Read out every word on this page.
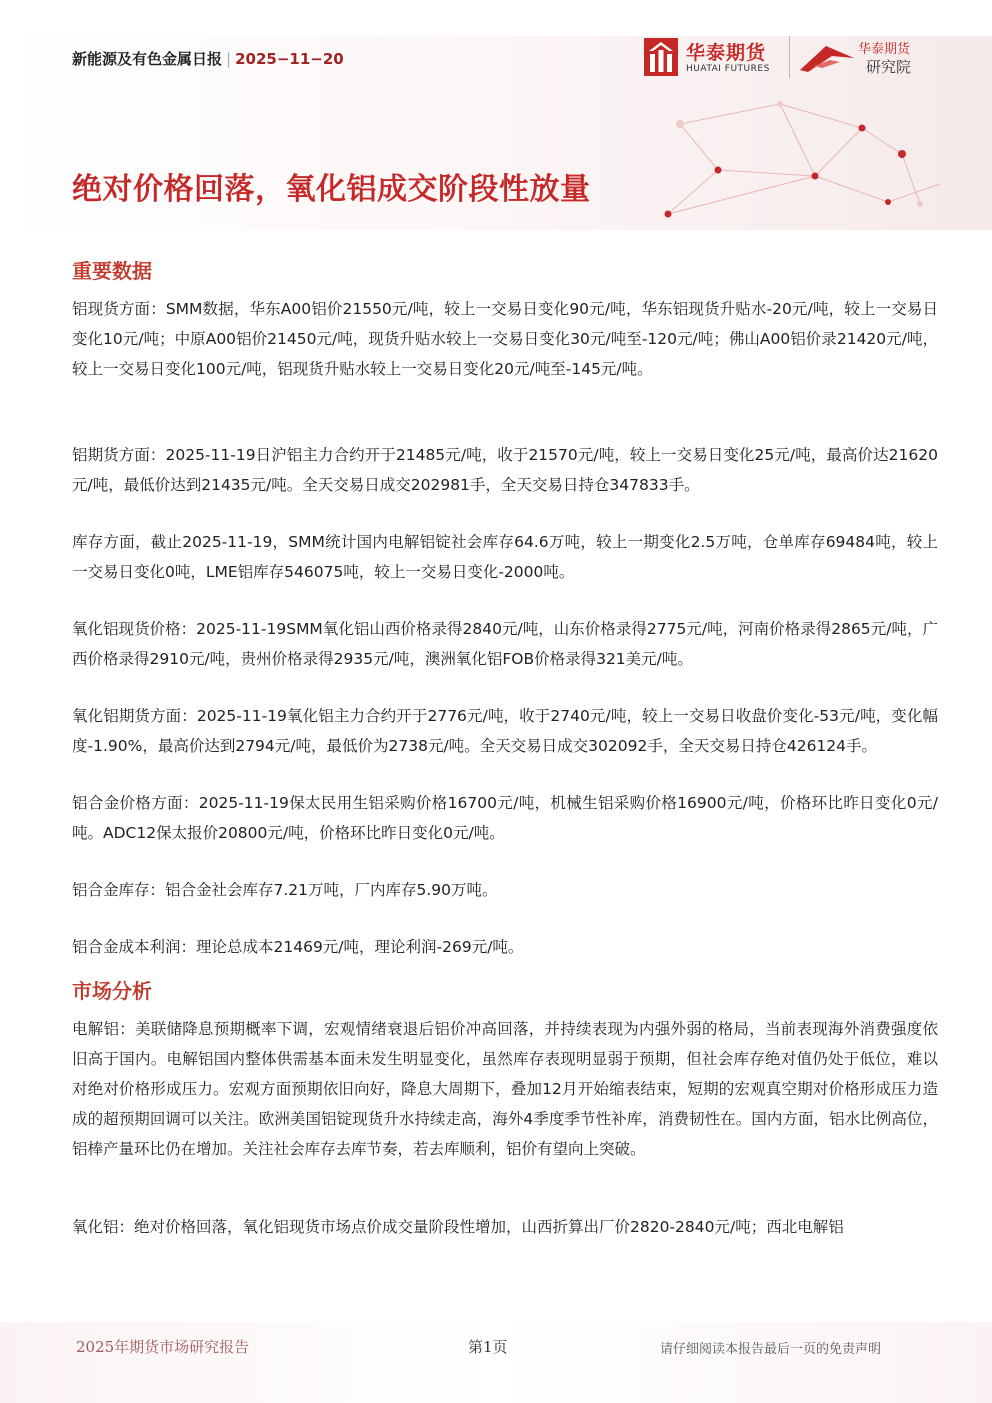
新能源及有色金属日报 | 2025−11−20	华泰期货
HUATAI FUTURES
华泰期货
研究院
绝对价格回落，氧化铝成交阶段性放量
重要数据

铝现货方面：SMM数据，华东A00铝价21550元/吨，较上一交易日变化90元/吨，华东铝现货升贴水-20元/吨，较上一交易日变化10元/吨；中原A00铝价21450元/吨，现货升贴水较上一交易日变化30元/吨至-120元/吨；佛山A00铝价录21420元/吨，较上一交易日变化100元/吨，铝现货升贴水较上一交易日变化20元/吨至-145元/吨。

铝期货方面：2025-11-19日沪铝主力合约开于21485元/吨，收于21570元/吨，较上一交易日变化25元/吨，最高价达21620元/吨，最低价达到21435元/吨。全天交易日成交202981手，全天交易日持仓347833手。

库存方面，截止2025-11-19，SMM统计国内电解铝锭社会库存64.6万吨，较上一期变化2.5万吨，仓单库存69484吨，较上一交易日变化0吨，LME铝库存546075吨，较上一交易日变化-2000吨。

氧化铝现货价格：2025-11-19SMM氧化铝山西价格录得2840元/吨，山东价格录得2775元/吨，河南价格录得2865元/吨，广西价格录得2910元/吨，贵州价格录得2935元/吨，澳洲氧化铝FOB价格录得321美元/吨。

氧化铝期货方面：2025-11-19氧化铝主力合约开于2776元/吨，收于2740元/吨，较上一交易日收盘价变化-53元/吨，变化幅度-1.90%，最高价达到2794元/吨，最低价为2738元/吨。全天交易日成交302092手，全天交易日持仓426124手。

铝合金价格方面：2025-11-19保太民用生铝采购价格16700元/吨，机械生铝采购价格16900元/吨，价格环比昨日变化0元/吨。ADC12保太报价20800元/吨，价格环比昨日变化0元/吨。

铝合金库存：铝合金社会库存7.21万吨，厂内库存5.90万吨。

铝合金成本利润：理论总成本21469元/吨，理论利润-269元/吨。

市场分析

电解铝：美联储降息预期概率下调，宏观情绪衰退后铝价冲高回落，并持续表现为内强外弱的格局，当前表现海外消费强度依旧高于国内。电解铝国内整体供需基本面未发生明显变化，虽然库存表现明显弱于预期，但社会库存绝对值仍处于低位，难以对绝对价格形成压力。宏观方面预期依旧向好，降息大周期下，叠加12月开始缩表结束，短期的宏观真空期对价格形成压力造成的超预期回调可以关注。欧洲美国铝锭现货升水持续走高，海外4季度季节性补库，消费韧性在。国内方面，铝水比例高位，铝棒产量环比仍在增加。关注社会库存去库节奏，若去库顺利，铝价有望向上突破。

氧化铝：绝对价格回落，氧化铝现货市场点价成交量阶段性增加，山西折算出厂价2820-2840元/吨；西北电解铝

2025年期货市场研究报告	第1页	请仔细阅读本报告最后一页的免责声明
